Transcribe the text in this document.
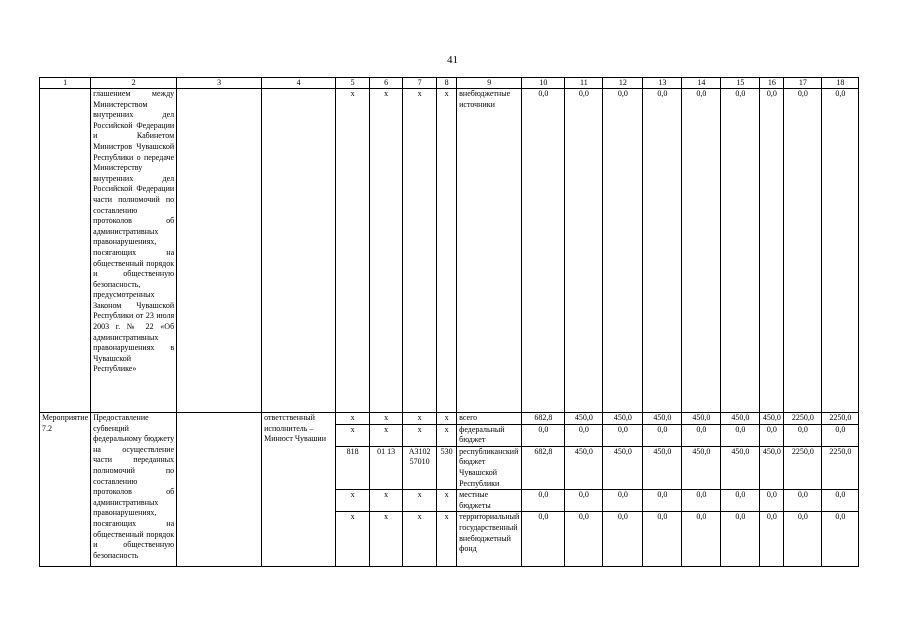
41
1	2	3	4	5	6	7	8	9	10	11	12	13	14	15	16	17	18
	глашением между Министерством внутренних дел Российской Федерации и Кабинетом Министров Чувашской Республики о передаче Министерству внутренних дел Российской Федерации части полномочий по составлению протоколов об административных правонарушениях, посягающих на общественный порядок и общественную безопасность, предусмотренных Законом Чувашской Республики от 23 июля 2003 г. № 22 «Об административных правонарушениях в Чувашской Республике»			х	х	х	х	внебюджетные источники	0,0	0,0	0,0	0,0	0,0	0,0	0,0	0,0	0,0
Мероприятие 7.2	Предоставление субвенций федеральному бюджету на осуществление части переданных полномочий по составлению протоколов об административных правонарушениях, посягающих на общественный порядок и общественную безопасность		ответственный исполнитель – Минюст Чувашии	х	х	х	х	всего	682,8	450,0	450,0	450,0	450,0	450,0	450,0	2250,0	2250,0
				х	х	х	х	федеральный бюджет	0,0	0,0	0,0	0,0	0,0	0,0	0,0	0,0	0,0
				818	01 13	А3102 57010	530	республиканский бюджет Чувашской Республики	682,8	450,0	450,0	450,0	450,0	450,0	450,0	2250,0	2250,0
				х	х	х	х	местные бюджеты	0,0	0,0	0,0	0,0	0,0	0,0	0,0	0,0	0,0
				х	х	х	х	территориальный государственный внебюджетный фонд	0,0	0,0	0,0	0,0	0,0	0,0	0,0	0,0	0,0
